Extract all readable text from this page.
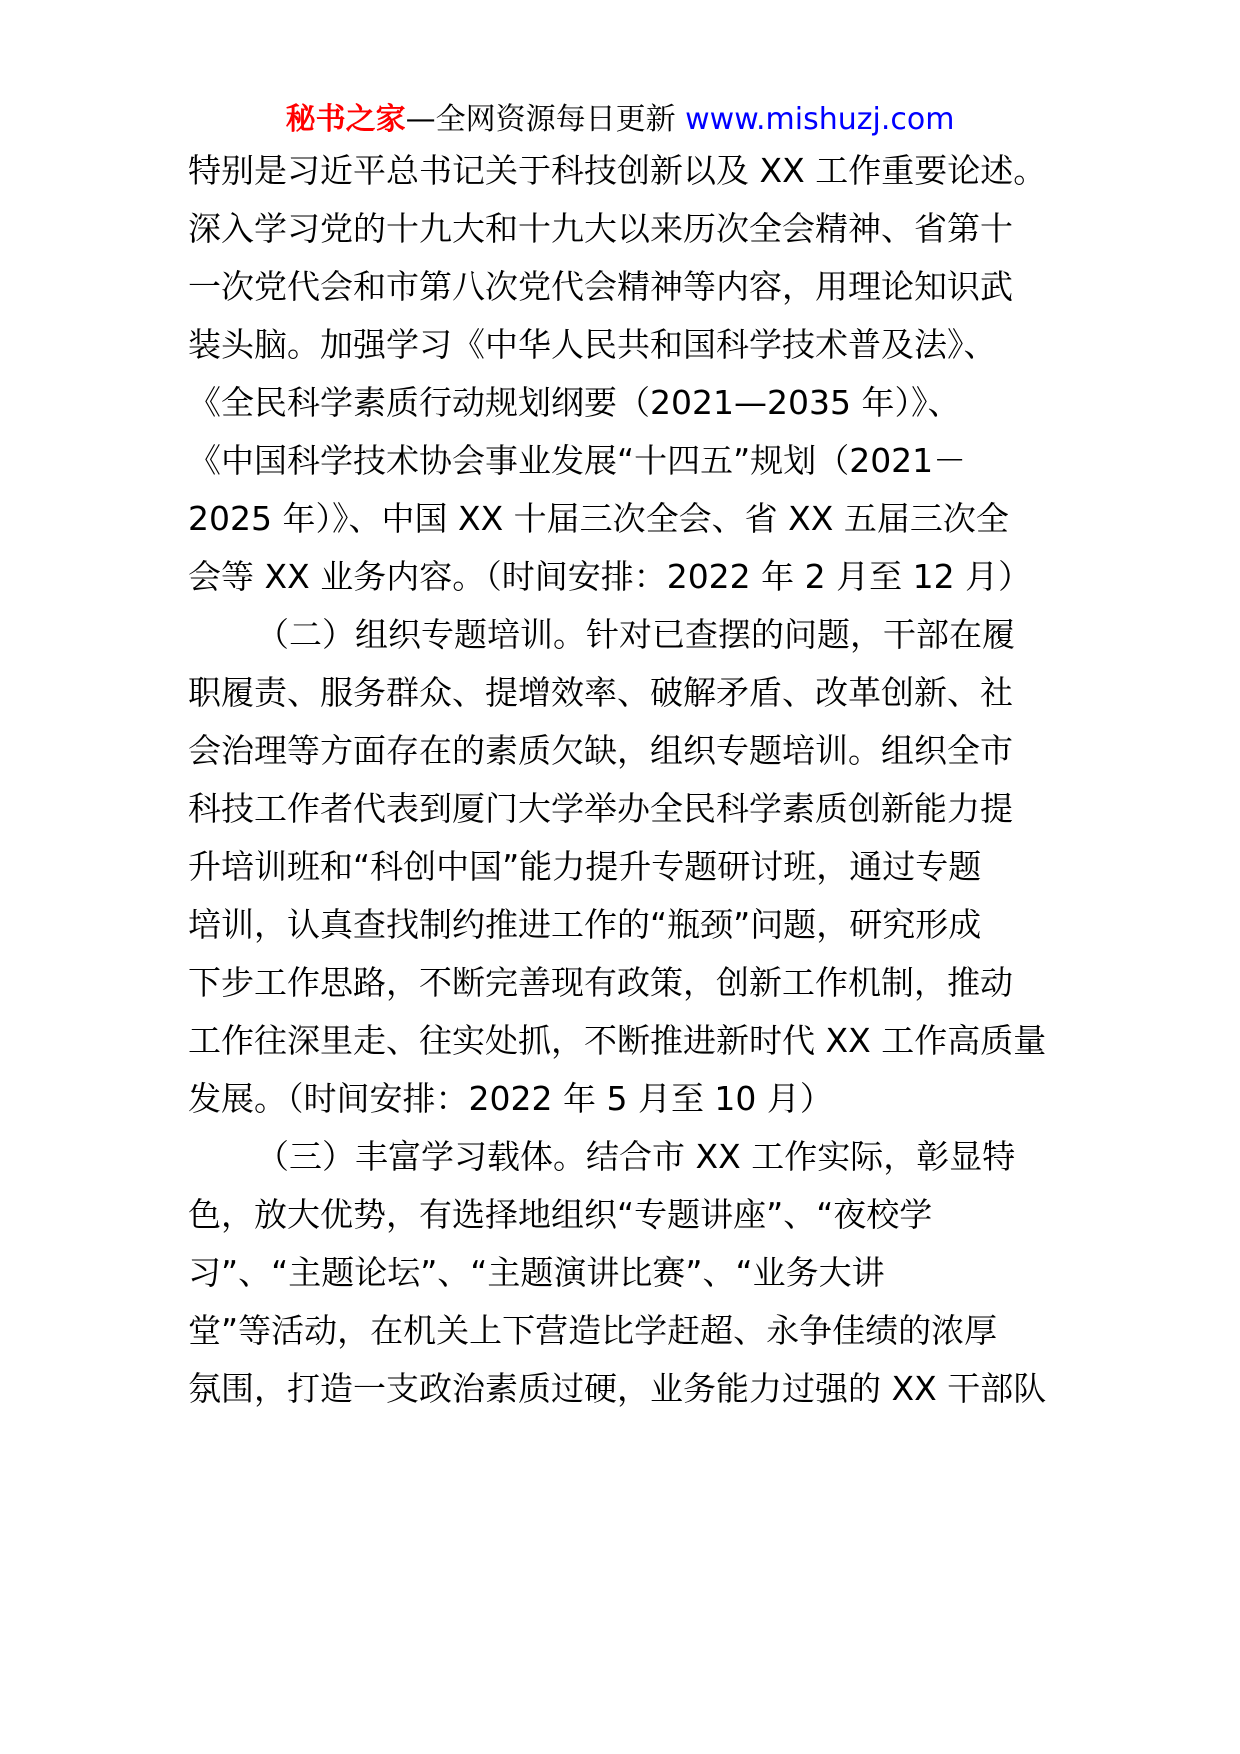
秘书之家—全网资源每日更新 www.mishuzj.com
特别是习近平总书记关于科技创新以及 XX 工作重要论述。
深入学习党的十九大和十九大以来历次全会精神、省第十
一次党代会和市第八次党代会精神等内容，用理论知识武
装头脑。加强学习《中华人民共和国科学技术普及法》、
《全民科学素质行动规划纲要（2021—2035 年）》、
《中国科学技术协会事业发展“十四五”规划（2021－
2025 年）》、中国 XX 十届三次全会、省 XX 五届三次全
会等 XX 业务内容。（时间安排：2022 年 2 月至 12 月）
（二）组织专题培训。针对已查摆的问题，干部在履
职履责、服务群众、提增效率、破解矛盾、改革创新、社
会治理等方面存在的素质欠缺，组织专题培训。组织全市
科技工作者代表到厦门大学举办全民科学素质创新能力提
升培训班和“科创中国”能力提升专题研讨班，通过专题
培训，认真查找制约推进工作的“瓶颈”问题，研究形成
下步工作思路，不断完善现有政策，创新工作机制，推动
工作往深里走、往实处抓，不断推进新时代 XX 工作高质量
发展。（时间安排：2022 年 5 月至 10 月）
（三）丰富学习载体。结合市 XX 工作实际，彰显特
色，放大优势，有选择地组织“专题讲座”、“夜校学
习”、“主题论坛”、“主题演讲比赛”、“业务大讲
堂”等活动，在机关上下营造比学赶超、永争佳绩的浓厚
氛围，打造一支政治素质过硬，业务能力过强的 XX 干部队
